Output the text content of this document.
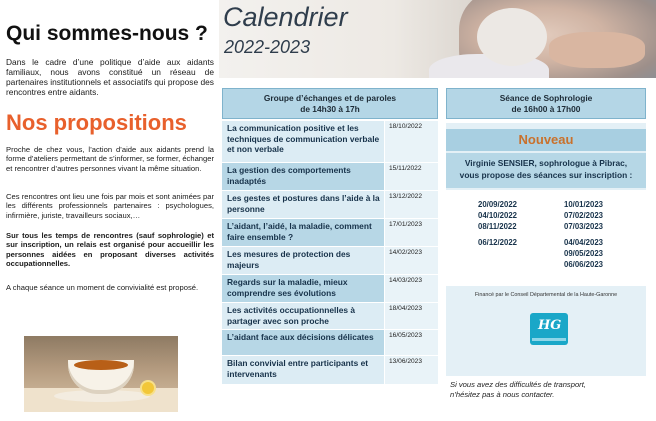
Qui sommes-nous ?

Dans le cadre d’une politique d’aide aux aidants familiaux, nous avons constitué un réseau de partenaires institutionnels et associatifs qui propose des rencontres entre aidants.

Nos propositions

Proche de chez vous, l’action d’aide aux aidants prend la forme d’ateliers permettant de s’informer, se former, échanger et rencontrer d’autres personnes vivant la même situation.

Ces rencontres ont lieu une fois par mois et sont animées par les différents professionnels partenaires : psychologues, infirmière, juriste, travailleurs sociaux,…

Sur tous les temps de rencontres (sauf sophrologie) et sur inscription, un relais est organisé pour accueillir les personnes aidées en proposant diverses activités occupationnelles.

A chaque séance un moment de convivialité est proposé.

Calendrier
2022-2023
Groupe d’échanges et de paroles
de 14h30 à 17h
La communication positive et les techniques de communication verbale et non verbale
18/10/2022
La gestion des comportements inadaptés
15/11/2022
Les gestes et postures dans l’aide à la personne
13/12/2022
L’aidant, l’aidé, la maladie, comment faire ensemble ?
17/01/2023
Les mesures de protection des majeurs
14/02/2023
Regards sur la maladie, mieux comprendre ses évolutions
14/03/2023
Les activités occupationnelles à partager avec son proche
18/04/2023
L’aidant face aux décisions délicates	16/05/2023
Bilan convivial entre participants et intervenants
13/06/2023
Séance de Sophrologie
de 16h00 à 17h00
Nouveau
Virginie SENSIER, sophrologue à Pibrac,
vous propose des séances sur inscription :
20/09/2022
04/10/2022
08/11/2022
06/12/2022
10/01/2023
07/02/2023
07/03/2023
04/04/2023
09/05/2023
06/06/2023
Financé par le Conseil Départemental de la Haute-Garonne
HG
Si vous avez des difficultés de transport,
n’hésitez pas à nous contacter.
